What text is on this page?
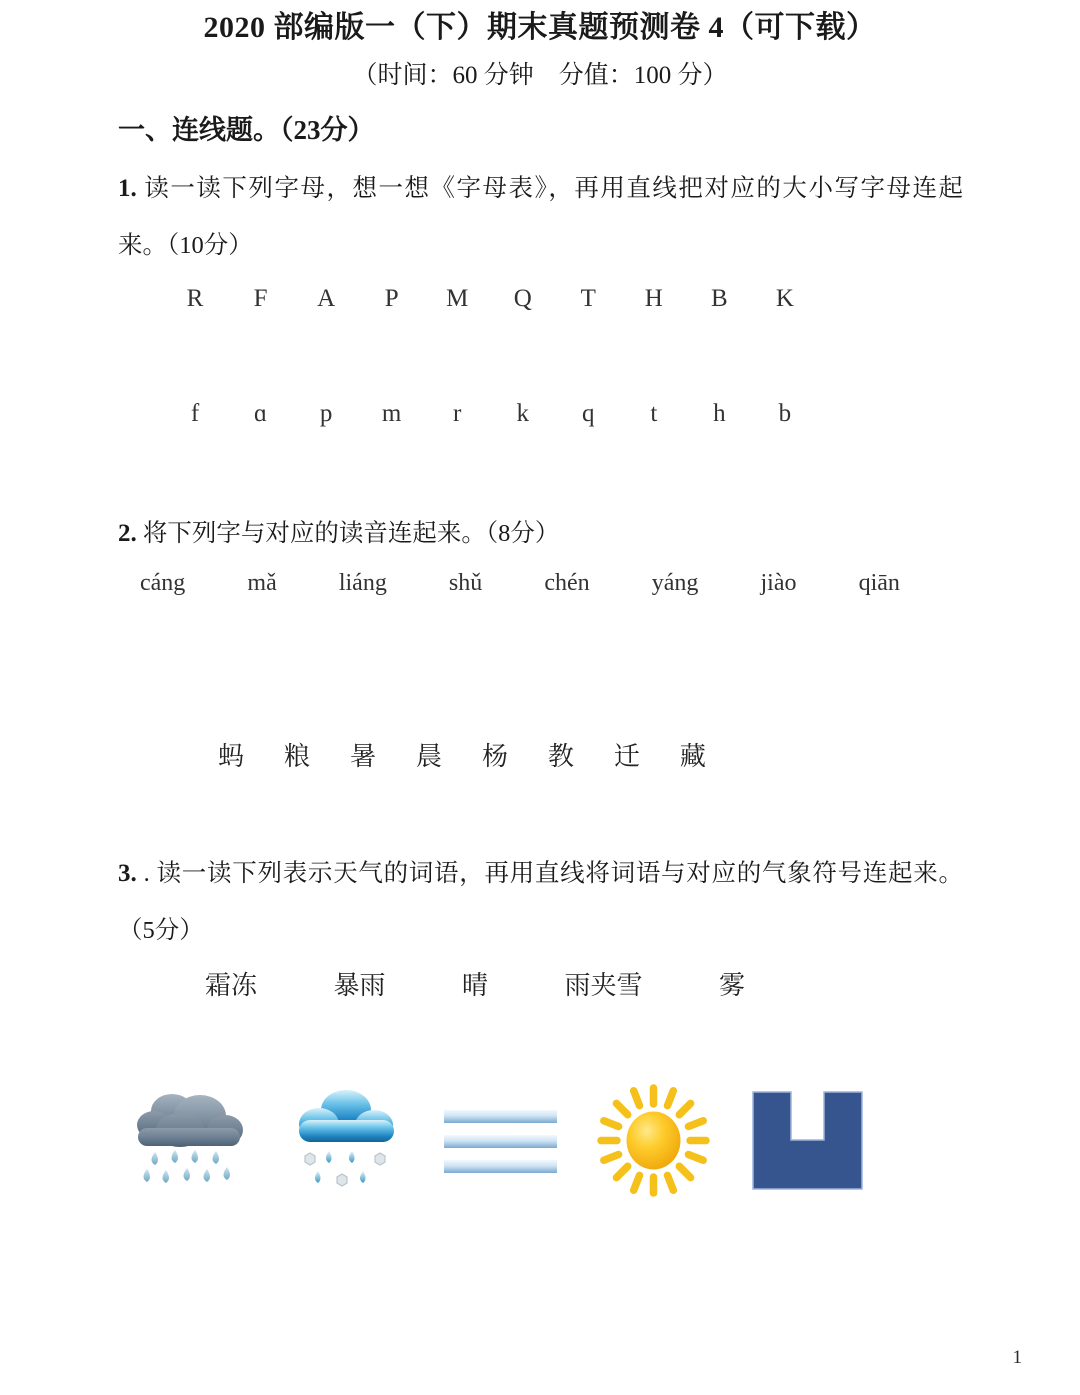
2020 部编版一（下）期末真题预测卷 4（可下载）
（时间：60 分钟　分值：100 分）
一、连线题。（23分）
1. 读一读下列字母，想一想《字母表》，再用直线把对应的大小写字母连起来。（10分）
R	F	A	P	M Q T H B K
f	ɑ	p	m	r	k	q	t	h	b
2. 将下列字与对应的读音连起来。（8分）
cáng	mǎ	liáng	shǔ	chén	yáng	jiào	qiān
蚂 粮 暑 晨 杨 教 迁 藏
3. . 读一读下列表示天气的词语，再用直线将词语与对应的气象符号连起来。（5分）
霜冻	暴雨	晴	雨夹雪	雾
1
